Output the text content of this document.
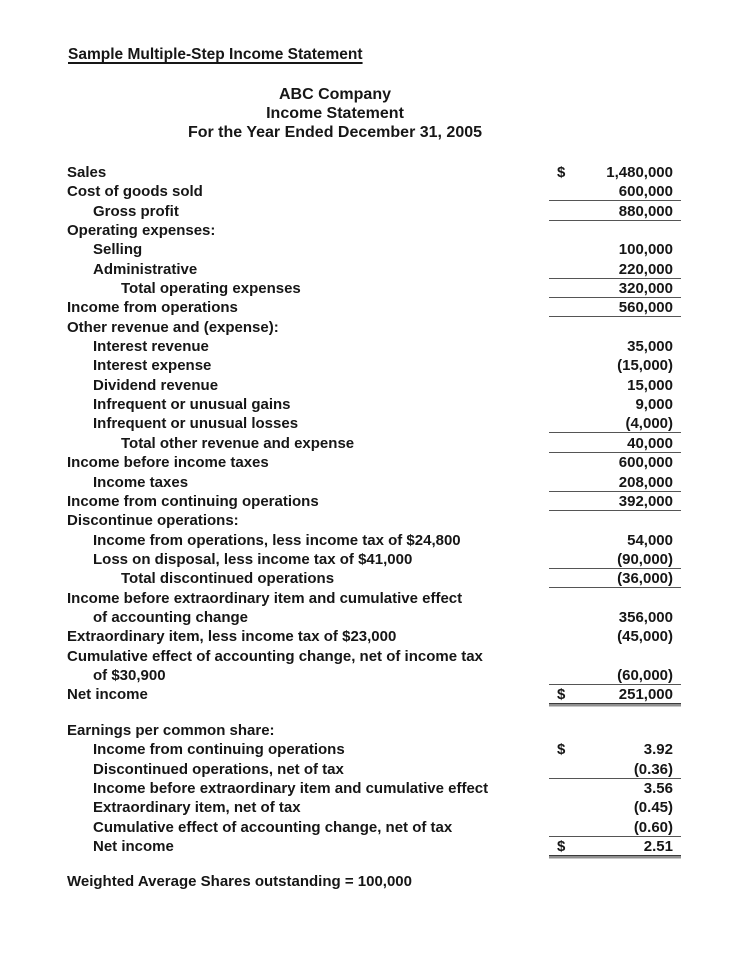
Sample Multiple-Step Income Statement
ABC Company
Income Statement
For the Year Ended December 31, 2005
Sales	$	1,480,000
Cost of goods sold	600,000
Gross profit	880,000
Operating expenses:
Selling	100,000
Administrative	220,000
Total operating expenses	320,000
Income from operations	560,000
Other revenue and (expense):
Interest revenue	35,000
Interest expense	(15,000)
Dividend revenue	15,000
Infrequent or unusual gains	9,000
Infrequent or unusual losses	(4,000)
Total other revenue and expense	40,000
Income before income taxes	600,000
Income taxes	208,000
Income from continuing operations	392,000
Discontinue operations:
Income from operations, less income tax of $24,800	54,000
Loss on disposal, less income tax of $41,000	(90,000)
Total discontinued operations	(36,000)
Income before extraordinary item and cumulative effect
of accounting change	356,000
Extraordinary item, less income tax of $23,000	(45,000)
Cumulative effect of accounting change, net of income tax
of $30,900	(60,000)
Net income	$	251,000
Earnings per common share:
Income from continuing operations	$	3.92
Discontinued operations, net of tax	(0.36)
Income before extraordinary item and cumulative effect	3.56
Extraordinary item, net of tax	(0.45)
Cumulative effect of accounting change, net of tax	(0.60)
Net income	$	2.51
Weighted Average Shares outstanding = 100,000
